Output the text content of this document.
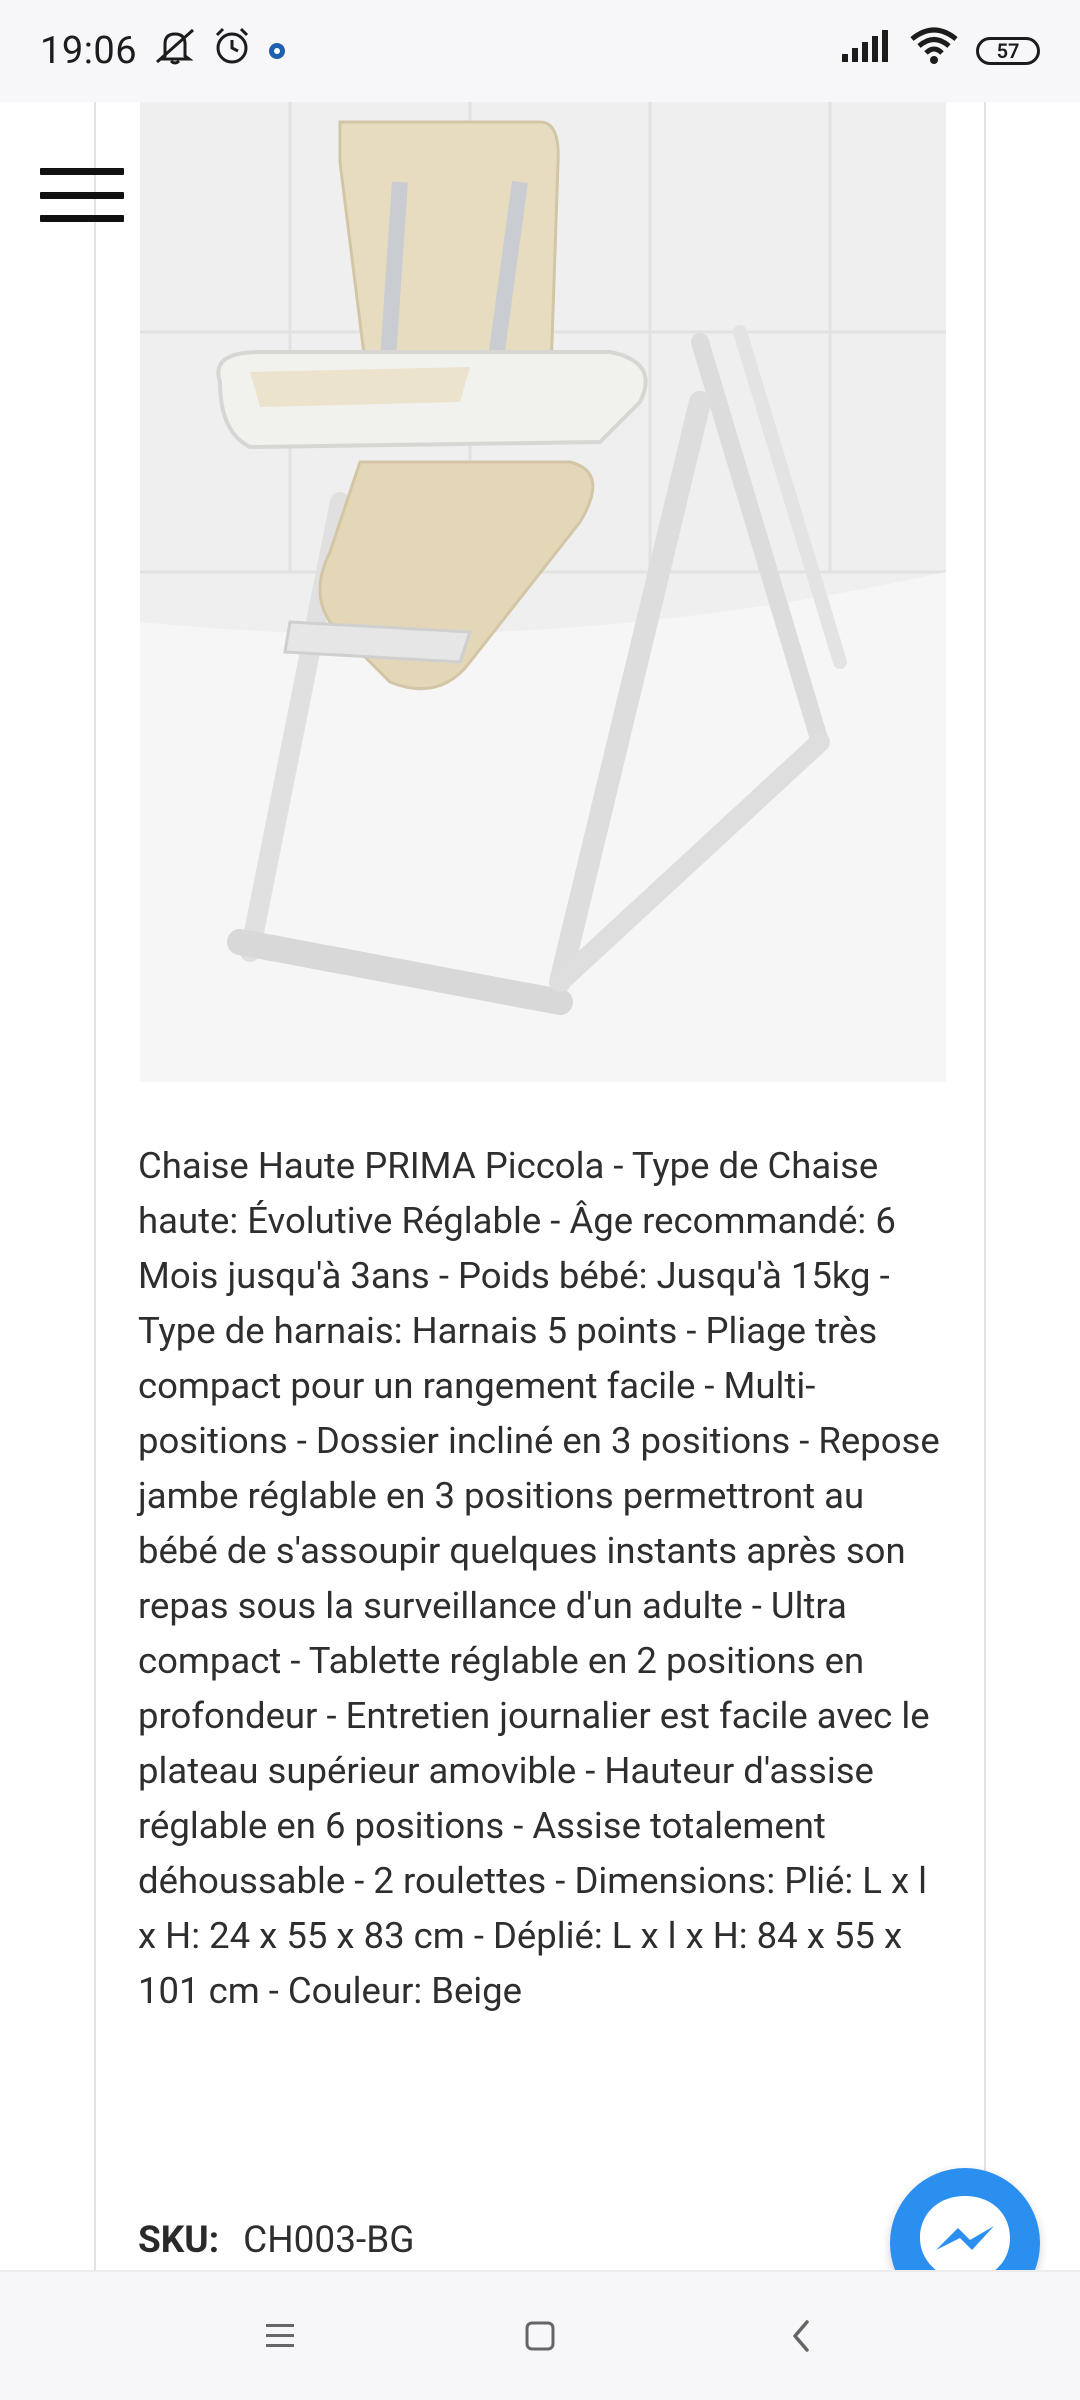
19:06	57

Chaise Haute PRIMA Piccola - Type de Chaise haute: Évolutive Réglable - Âge recommandé: 6 Mois jusqu'à 3ans - Poids bébé: Jusqu'à 15kg - Type de harnais: Harnais 5 points - Pliage très compact pour un rangement facile - Multi-positions - Dossier incliné en 3 positions - Repose jambe réglable en 3 positions permettront au bébé de s'assoupir quelques instants après son repas sous la surveillance d'un adulte - Ultra compact - Tablette réglable en 2 positions en profondeur - Entretien journalier est facile avec le plateau supérieur amovible - Hauteur d'assise réglable en 6 positions - Assise totalement déhoussable - 2 roulettes - Dimensions: Plié: L x l x H: 24 x 55 x 83 cm - Déplié: L x l x H: 84 x 55 x 101 cm - Couleur: Beige

SKU: CH003-BG
